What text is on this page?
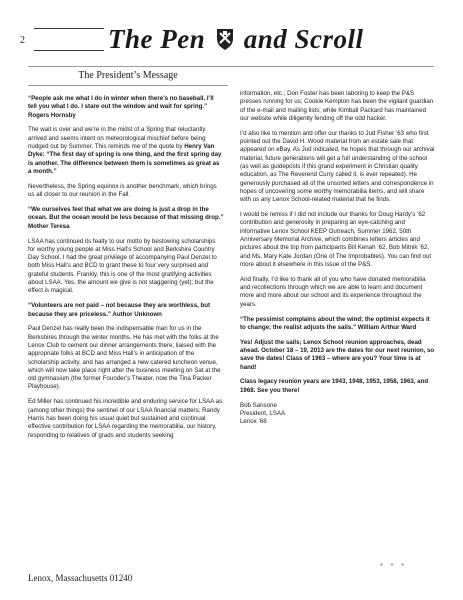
2	The Pen and Scroll
The President’s Message

“People ask me what I do in winter when there’s no baseball. I’ll tell you what I do. I stare out the window and wait for spring.” Rogers Hornsby

The wait is over and we’re in the midst of a Spring that reluctantly arrived and seems intent on meteorological mischief before being nudged out by Summer. This reminds me of the quote by Henry Van Dyke: “The first day of spring is one thing, and the first spring day is another. The difference between them is sometimes as great as a month.”

Nevertheless, the Spring equinox is another benchmark, which brings us all closer to our reunion in the Fall.

“We ourselves feel that what we are doing is just a drop in the ocean. But the ocean would be less because of that missing drop.” Mother Teresa

LSAA has continued its fealty to our motto by bestowing scholarships for worthy young people at Miss Hall’s School and Berkshire Country Day School. I had the great privilege of accompanying Paul Denzel to both Miss Hall’s and BCD to grant these to four very surprised and grateful students. Frankly, this is one of the most gratifying activities about LSAA. Yes, the amount we give is not staggering (yet); but the effect is magical.

“Volunteers are not paid – not because they are worthless, but because they are priceless.” Author Unknown

Paul Denzel has really been the indispensable man for us in the Berkshires through the winter months. He has met with the folks at the Lenox Club to cement our dinner arrangements there; liaised with the appropriate folks at BCD and Miss Hall’s in anticipation of the scholarship activity, and has arranged a new catered luncheon venue, which will now take place right after the business meeting on Sat at the old gymnasium (the former Founder’s Theater, now the Tina Packer Playhouse).

Ed Miller has continued his incredible and enduring service for LSAA as (among other things) the sentinel of our LSAA financial matters; Randy Harris has been doing his usual quiet but sustained and continual effective contribution for LSAA regarding the memorabilia, our history, responding to relatives of grads and students seeking

information, etc.; Don Foster has been laboring to keep the P&S presses running for us; Cookie Kempton has been the vigilant guardian of the e-mail and mailing lists; while Kimball Packard has maintained our website while diligently fending off the odd hacker.

I’d also like to mention and offer our thanks to Jud Fisher ’63 who first pointed out the David H. Wood material from an estate sale that appeared on eBay. As Jud indicated, he hopes that through our archival material, future generations will get a full understanding of the school (as well as guideposts if this grand experiment in Christian quality education, as The Reverend Curry called it, is ever repeated). He generously purchased all of the unsorted letters and correspondence in hopes of uncovering some worthy memorabilia items, and will share with us any Lenox School-related material that he finds.

I would be remiss if I did not include our thanks for Doug Hardy’s ’62 contribution and generosity in preparing an eye-catching and informative Lenox School KEEP Outreach, Summer 1962, 50th Anniversary Memorial Archive, which combines letters articles and pictures about the trip from participants Bill Kenah ’62, Bob Mitnik ’62, and Ms. Mary Kate Jordan (One of The Improbables). You can find out more about it elsewhere in this issue of the P&S.

And finally, I’d like to thank all of you who have donated memorabilia and recollections through which we are able to learn and document more and more about our school and its experience throughout the years.

“The pessimist complains about the wind; the optimist expects it to change; the realist adjusts the sails.” William Arthur Ward

Yes! Adjust the sails; Lenox School reunion approaches, dead ahead. October 18 – 19, 2013 are the dates for our next reunion, so save the dates! Class of 1963 – where are you? Your time is at hand!

Class legacy reunion years are 1943, 1948, 1953, 1958, 1963, and 1968. See you there!

Bob Sansone
President, LSAA
Lenox ’68

* * *
Lenox, Massachusetts 01240
